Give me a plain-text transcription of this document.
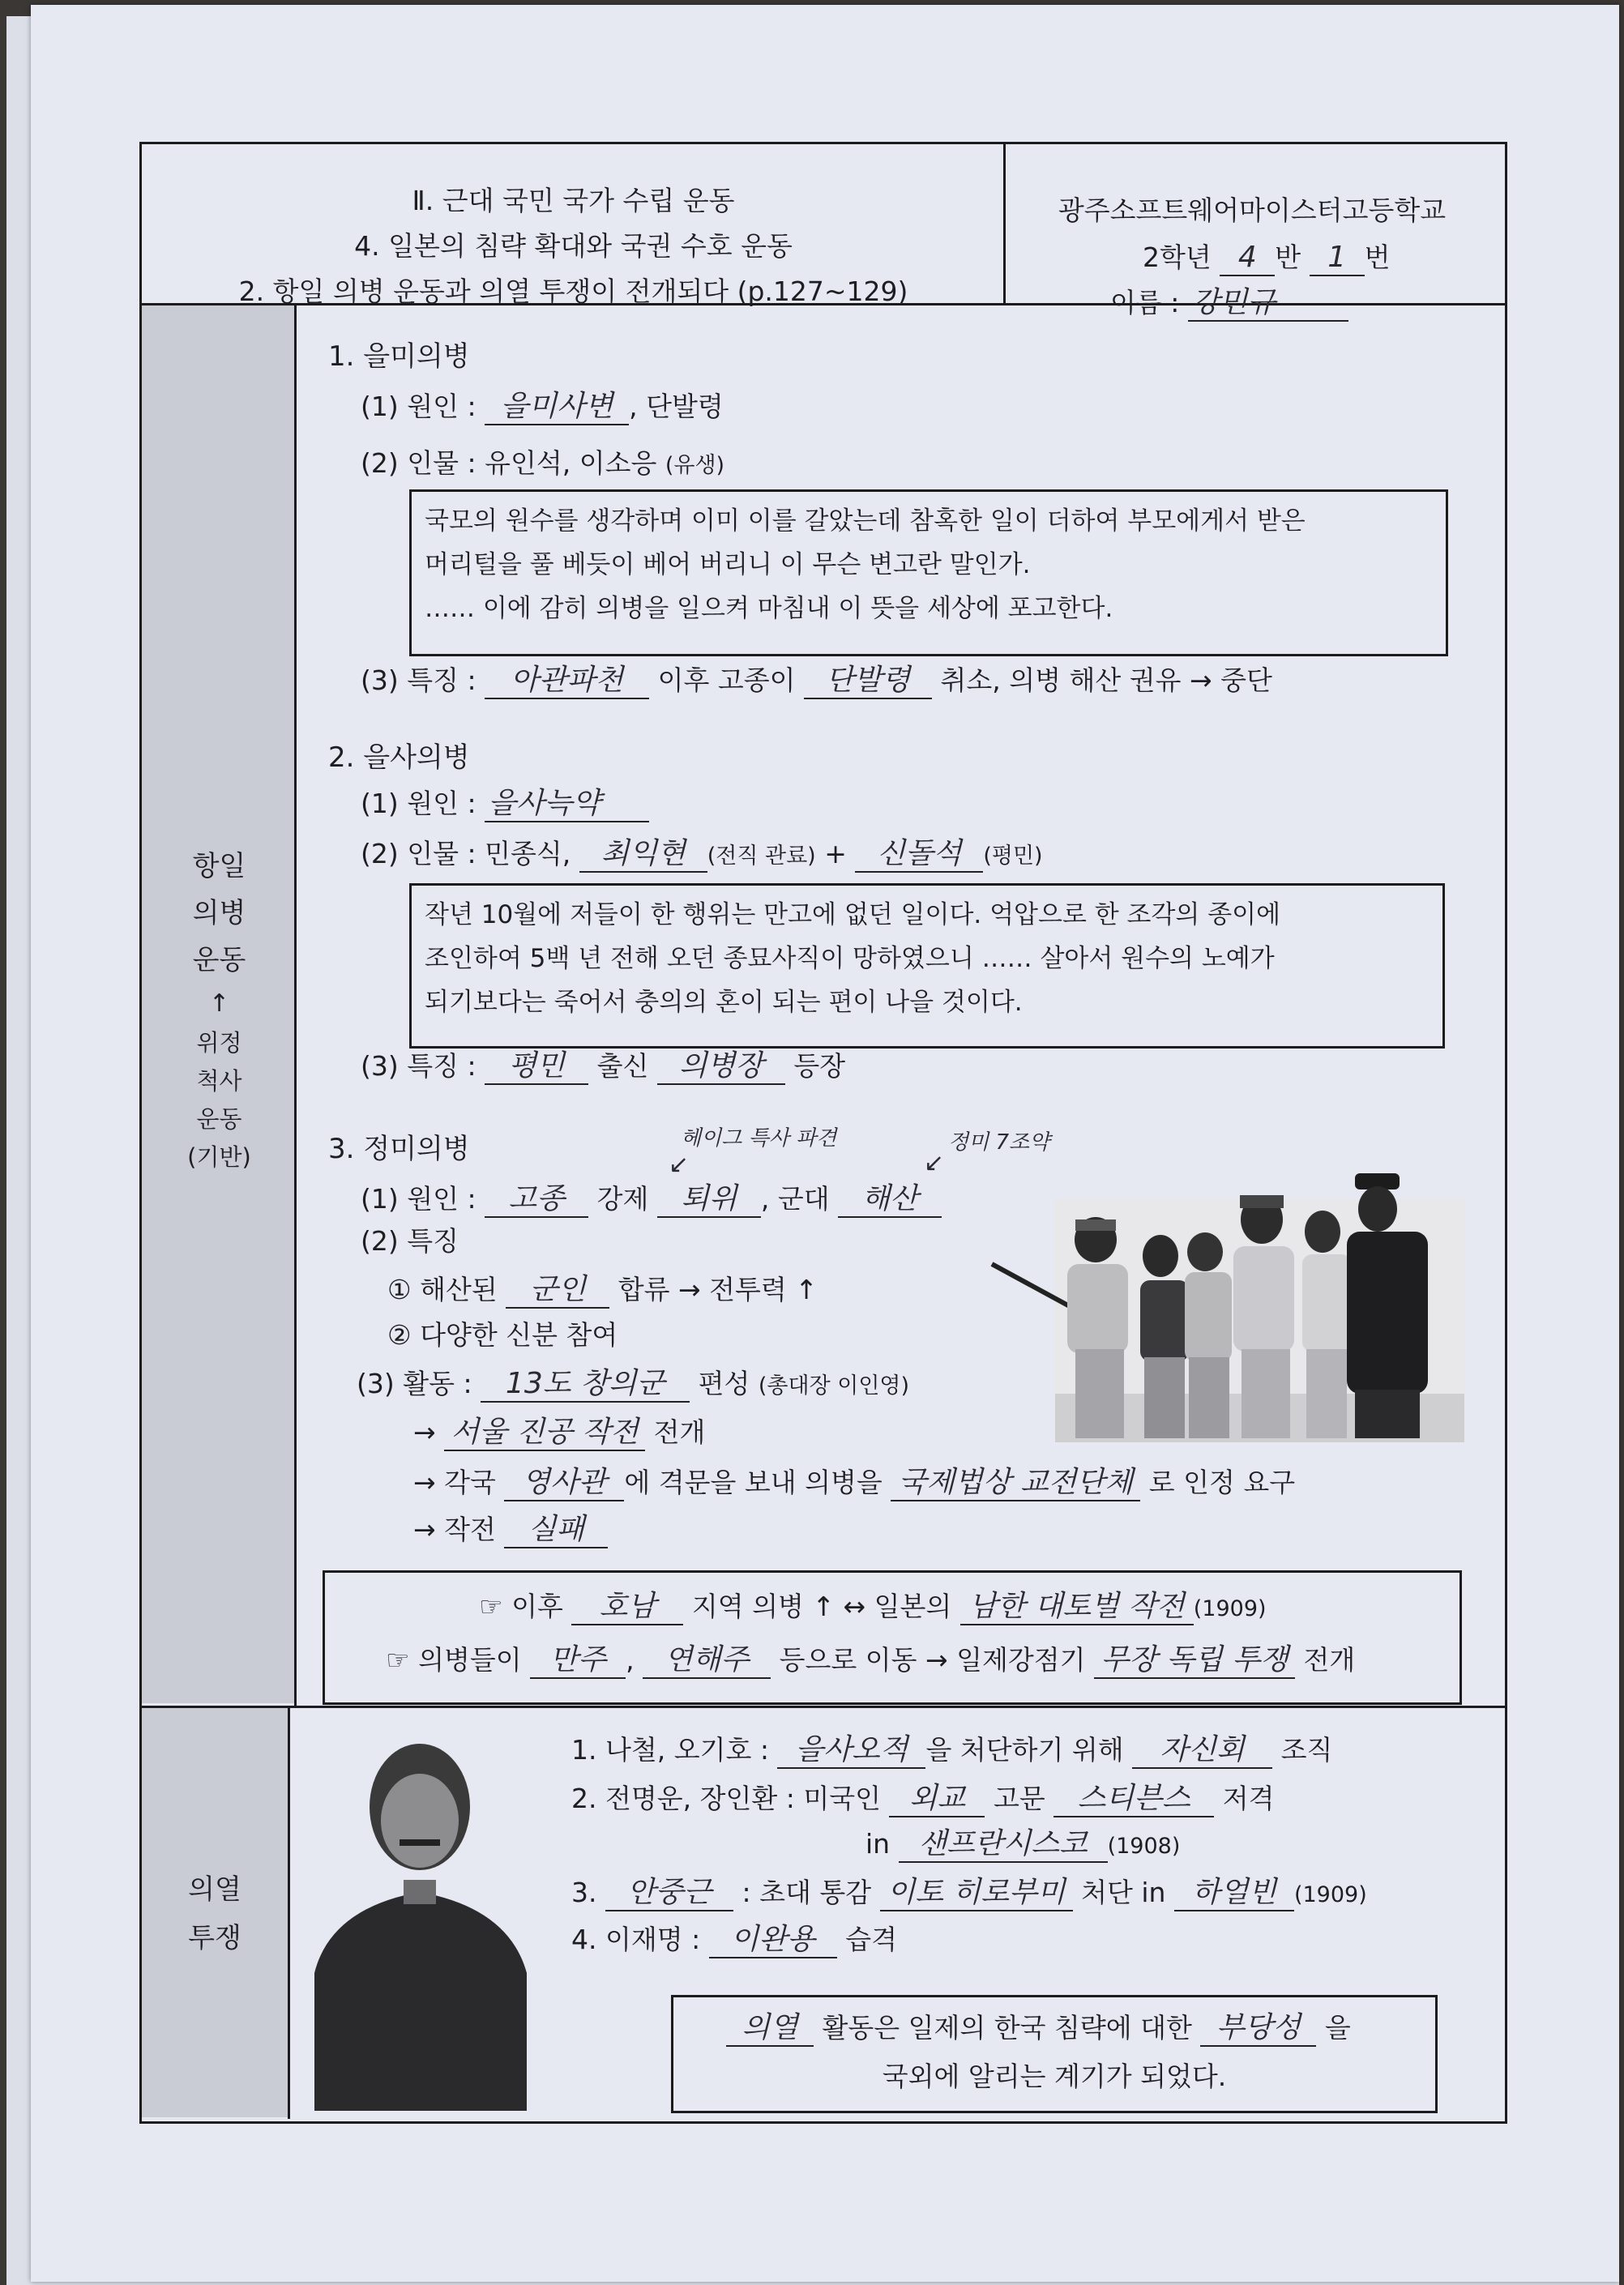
Ⅱ. 근대 국민 국가 수립 운동
4. 일본의 침략 확대와 국권 수호 운동
2. 항일 의병 운동과 의열 투쟁이 전개되다 (p.127~129)
광주소프트웨어마이스터고등학교
2학년 4 반 1 번
이름 : 강민규
항일
의병
운동
↑
위정
척사
운동
(기반)
의열
투쟁
1. 을미의병
(1) 원인 : 을미사변 , 단발령
(2) 인물 : 유인석, 이소응 (유생)
국모의 원수를 생각하며 이미 이를 갈았는데 참혹한 일이 더하여 부모에게서 받은
머리털을 풀 베듯이 베어 버리니 이 무슨 변고란 말인가.
…… 이에 감히 의병을 일으켜 마침내 이 뜻을 세상에 포고한다.
(3) 특징 : 아관파천 이후 고종이 단발령 취소, 의병 해산 권유 → 중단
2. 을사의병
(1) 원인 : 을사늑약
(2) 인물 : 민종식, 최익현 (전직 관료) + 신돌석 (평민)
작년 10월에 저들이 한 행위는 만고에 없던 일이다. 억압으로 한 조각의 종이에
조인하여 5백 년 전해 오던 종묘사직이 망하였으니 …… 살아서 원수의 노예가
되기보다는 죽어서 충의의 혼이 되는 편이 나을 것이다.
(3) 특징 : 평민 출신 의병장 등장
3. 정미의병	헤이그 특사 파견
↙
정미 7조약
↙
(1) 원인 : 고종 강제 퇴위 , 군대 해산
(2) 특징
① 해산된 군인 합류 → 전투력 ↑
② 다양한 신분 참여
(3) 활동 : 13도 창의군 편성 (총대장 이인영)
→ 서울 진공 작전 전개
→ 각국 영사관 에 격문을 보내 의병을 국제법상 교전단체 로 인정 요구
→ 작전 실패
☞ 이후 호남 지역 의병 ↑ ↔ 일본의 남한 대토벌 작전 (1909)
☞ 의병들이 만주 , 연해주 등으로 이동 → 일제강점기 무장 독립 투쟁 전개
1. 나철, 오기호 : 을사오적 을 처단하기 위해 자신회 조직
2. 전명운, 장인환 : 미국인 외교 고문 스티븐스 저격
in 샌프란시스코 (1908)
3. 안중근 : 초대 통감 이토 히로부미 처단 in 하얼빈 (1909)
4. 이재명 : 이완용 습격
의열 활동은 일제의 한국 침략에 대한 부당성 을
국외에 알리는 계기가 되었다.
